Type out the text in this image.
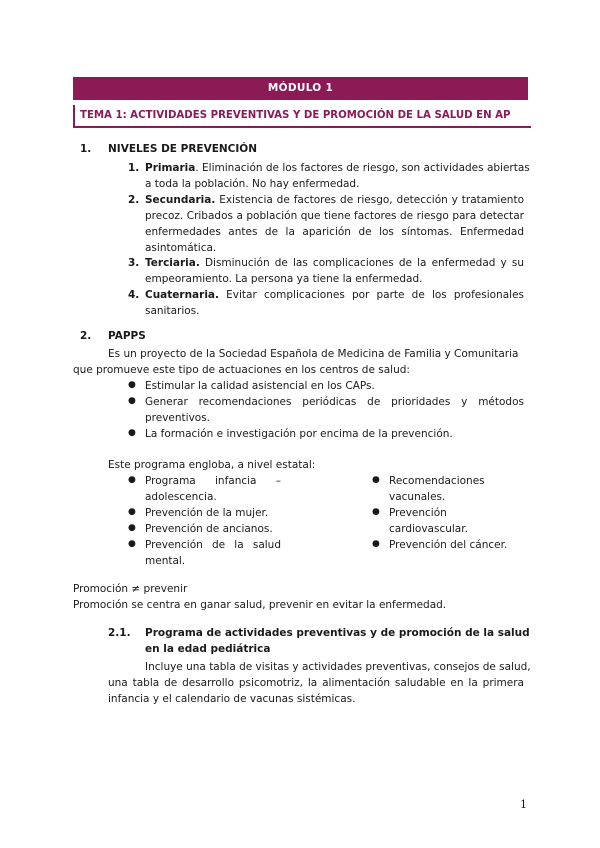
MÓDULO 1
TEMA 1: ACTIVIDADES PREVENTIVAS Y DE PROMOCIÓN DE LA SALUD EN AP
1. NIVELES DE PREVENCIÓN
1. Primaria. Eliminación de los factores de riesgo, son actividades abiertas
a toda la población. No hay enfermedad.
2. Secundaria. Existencia de factores de riesgo, detección y tratamiento
precoz. Cribados a población que tiene factores de riesgo para detectar
enfermedades antes de la aparición de los síntomas. Enfermedad
asintomática.
3. Terciaria. Disminución de las complicaciones de la enfermedad y su
empeoramiento. La persona ya tiene la enfermedad.
4. Cuaternaria. Evitar complicaciones por parte de los profesionales
sanitarios.
2. PAPPS
Es un proyecto de la Sociedad Española de Medicina de Familia y Comunitaria
que promueve este tipo de actuaciones en los centros de salud:
● Estimular la calidad asistencial en los CAPs.
● Generar recomendaciones periódicas de prioridades y métodos
preventivos.
● La formación e investigación por encima de la prevención.
Este programa engloba, a nivel estatal:
● Programa infancia –
adolescencia.
● Prevención de la mujer.
● Prevención de ancianos.
● Prevención de la salud
mental.
● Recomendaciones
vacunales.
● Prevención
cardiovascular.
● Prevención del cáncer.
Promoción ≠ prevenir
Promoción se centra en ganar salud, prevenir en evitar la enfermedad.
2.1. Programa de actividades preventivas y de promoción de la salud
en la edad pediátrica
Incluye una tabla de visitas y actividades preventivas, consejos de salud,
una tabla de desarrollo psicomotriz, la alimentación saludable en la primera
infancia y el calendario de vacunas sistémicas.
1
